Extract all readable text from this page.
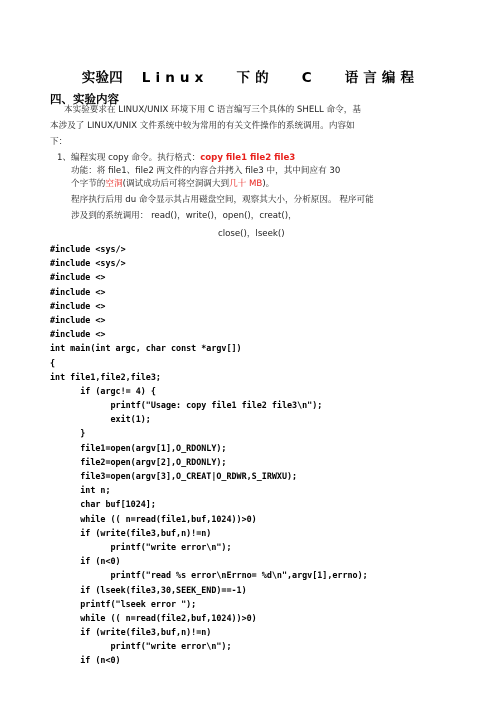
实验四 L i n u x 下 的 C 语 言 编 程
四、实验内容
本实验要求在 LINUX/UNIX 环境下用 C 语言编写三个具体的 SHELL 命令，基
本涉及了 LINUX/UNIX 文件系统中较为常用的有关文件操作的系统调用。内容如
下：
1、编程实现 copy 命令。执行格式：copy file1 file2 file3
功能：将 file1、file2 两文件的内容合并拷入 file3 中，其中间应有 30
个字节的空洞(调试成功后可将空洞调大到几十 MB)。
程序执行后用 du 命令显示其占用磁盘空间，观察其大小，分析原因。 程序可能
涉及到的系统调用： read()，write()，open()，creat()，
close()，lseek()
#include <sys/>
#include <sys/>
#include <>
#include <>
#include <>
#include <>
#include <>
int main(int argc, char const *argv[])
{
int file1,file2,file3;
if (argc!= 4) {
printf("Usage: copy file1 file2 file3\n");
exit(1);
}
file1=open(argv[1],O_RDONLY);
file2=open(argv[2],O_RDONLY);
file3=open(argv[3],O_CREAT|O_RDWR,S_IRWXU);
int n;
char buf[1024];
while (( n=read(file1,buf,1024))>0)
if (write(file3,buf,n)!=n)
printf("write error\n");
if (n<0)
printf("read %s error\nErrno= %d\n",argv[1],errno);
if (lseek(file3,30,SEEK_END)==-1)
printf("lseek error ");
while (( n=read(file2,buf,1024))>0)
if (write(file3,buf,n)!=n)
printf("write error\n");
if (n<0)
